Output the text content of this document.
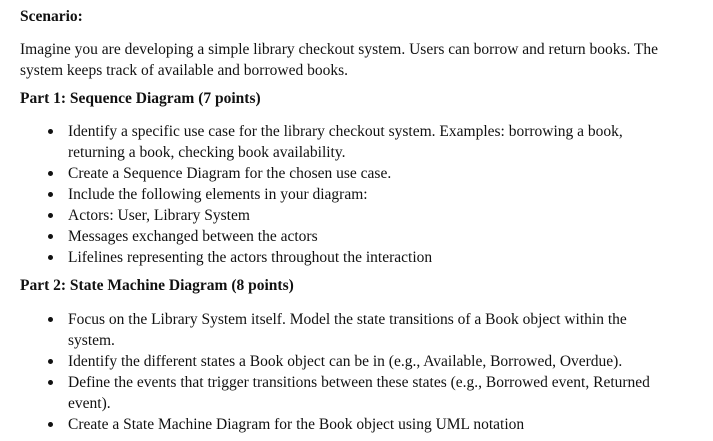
Scenario:

Imagine you are developing a simple library checkout system. Users can borrow and return books. The system keeps track of available and borrowed books.

Part 1: Sequence Diagram (7 points)
Identify a specific use case for the library checkout system. Examples: borrowing a book, returning a book, checking book availability.
Create a Sequence Diagram for the chosen use case.
Include the following elements in your diagram:
Actors: User, Library System
Messages exchanged between the actors
Lifelines representing the actors throughout the interaction
Part 2: State Machine Diagram (8 points)
Focus on the Library System itself. Model the state transitions of a Book object within the system.
Identify the different states a Book object can be in (e.g., Available, Borrowed, Overdue).
Define the events that trigger transitions between these states (e.g., Borrowed event, Returned event).
Create a State Machine Diagram for the Book object using UML notation
